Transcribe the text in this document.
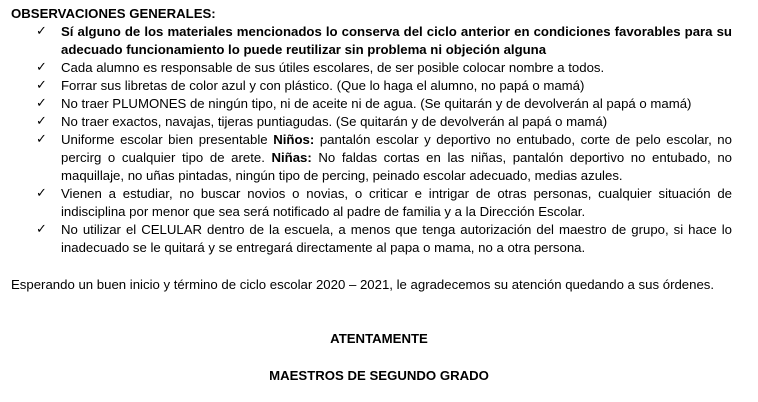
OBSERVACIONES GENERALES:
✓ Sí alguno de los materiales mencionados lo conserva del ciclo anterior en condiciones favorables para su adecuado funcionamiento lo puede reutilizar sin problema ni objeción alguna
✓ Cada alumno es responsable de sus útiles escolares, de ser posible colocar nombre a todos.
✓ Forrar sus libretas de color azul y con plástico. (Que lo haga el alumno, no papá o mamá)
✓ No traer PLUMONES de ningún tipo, ni de aceite ni de agua. (Se quitarán y de devolverán al papá o mamá)
✓ No traer exactos, navajas, tijeras puntiagudas. (Se quitarán y de devolverán al papá o mamá)
✓ Uniforme escolar bien presentable Niños: pantalón escolar y deportivo no entubado, corte de pelo escolar, no percirg o cualquier tipo de arete. Niñas: No faldas cortas en las niñas, pantalón deportivo no entubado, no maquillaje, no uñas pintadas, ningún tipo de percing, peinado escolar adecuado, medias azules.
✓ Vienen a estudiar, no buscar novios o novias, o criticar e intrigar de otras personas, cualquier situación de indisciplina por menor que sea será notificado al padre de familia y a la Dirección Escolar.
✓ No utilizar el CELULAR dentro de la escuela, a menos que tenga autorización del maestro de grupo, si hace lo inadecuado se le quitará y se entregará directamente al papa o mama, no a otra persona.
Esperando un buen inicio y término de ciclo escolar 2020 – 2021, le agradecemos su atención quedando a sus órdenes.
ATENTAMENTE
MAESTROS DE SEGUNDO GRADO
